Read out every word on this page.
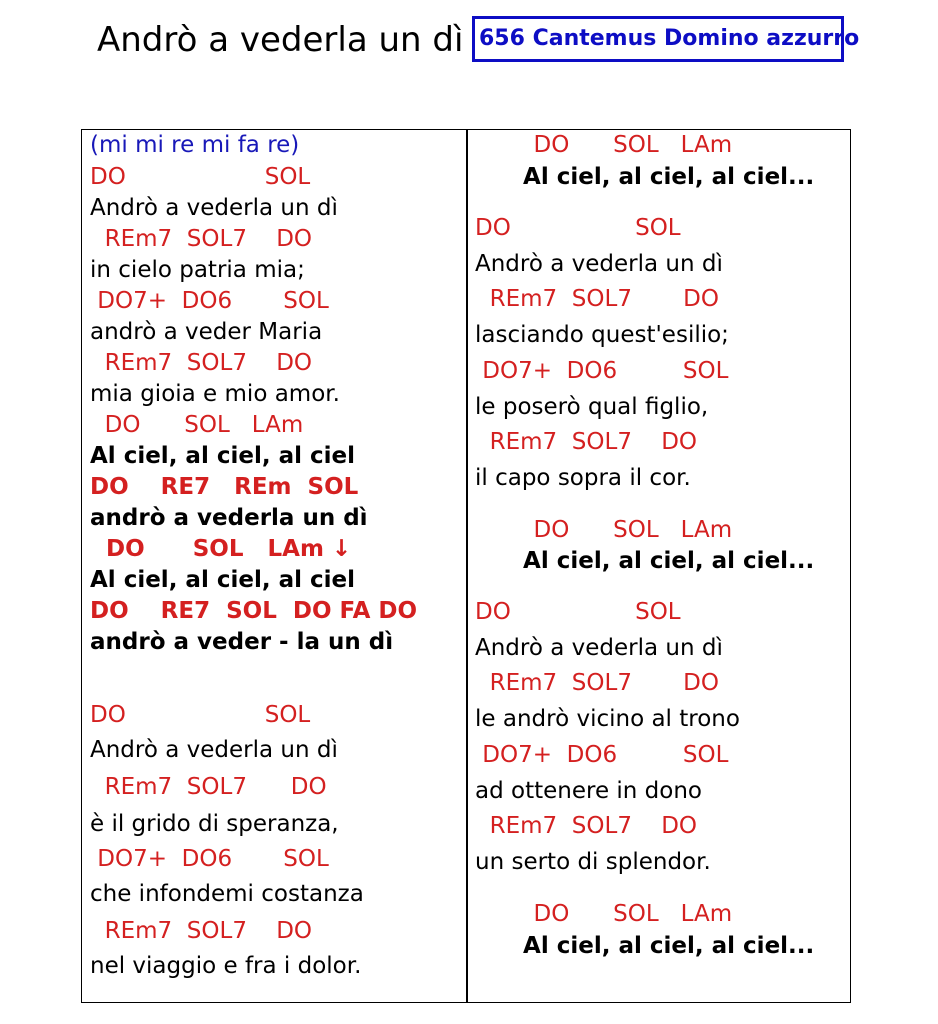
Andrò a vederla un dì 656 Cantemus Domino azzurro
(mi mi re mi fa re)
DO                   SOL
Andrò a vederla un dì
REm7  SOL7    DO
in cielo patria mia;
DO7+  DO6       SOL
andrò a veder Maria
REm7  SOL7    DO
mia gioia e mio amor.
DO      SOL   LAm
Al ciel, al ciel, al ciel
DO    RE7   REm  SOL
andrò a vederla un dì
DO      SOL   LAm ↓
Al ciel, al ciel, al ciel
DO    RE7  SOL  DO FA DO
andrò a veder - la un dì
DO                   SOL
Andrò a vederla un dì
REm7  SOL7      DO
è il grido di speranza,
DO7+  DO6       SOL
che infondemi costanza
REm7  SOL7    DO
nel viaggio e fra i dolor.
DO      SOL   LAm
Al ciel, al ciel, al ciel...
DO                 SOL
Andrò a vederla un dì
REm7  SOL7       DO
lasciando quest'esilio;
DO7+  DO6         SOL
le poserò qual figlio,
REm7  SOL7    DO
il capo sopra il cor.
DO      SOL   LAm
Al ciel, al ciel, al ciel...
DO                 SOL
Andrò a vederla un dì
REm7  SOL7       DO
le andrò vicino al trono
DO7+  DO6         SOL
ad ottenere in dono
REm7  SOL7    DO
un serto di splendor.
DO      SOL   LAm
Al ciel, al ciel, al ciel...
